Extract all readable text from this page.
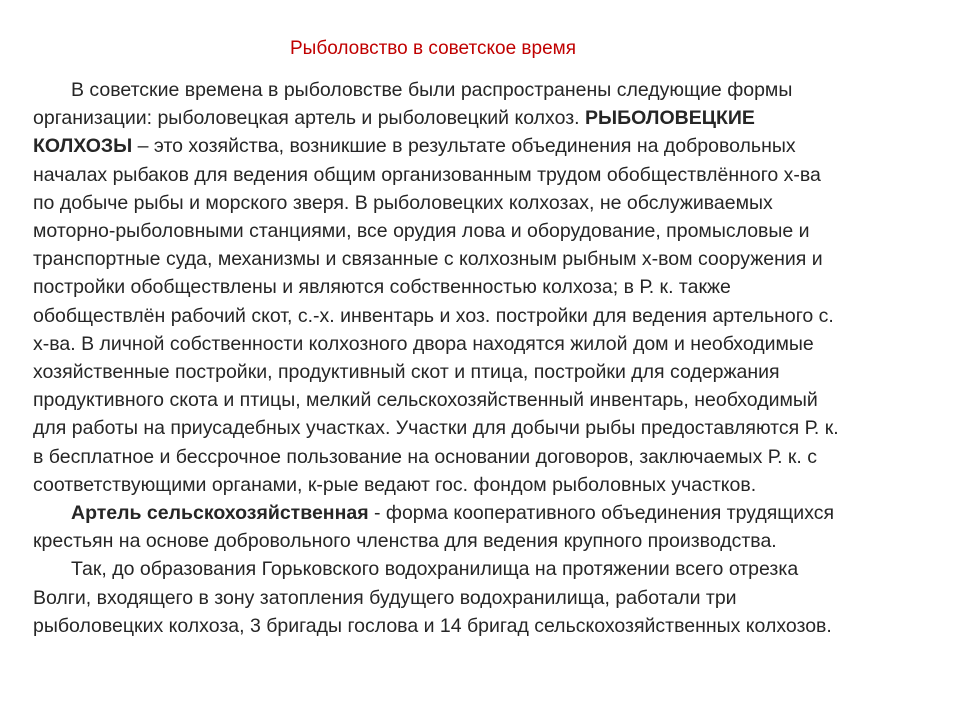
Рыболовство в советское время

В советские времена в рыболовстве были распространены следующие формы
организации: рыболовецкая артель и рыболовецкий колхоз. РЫБОЛОВЕЦКИЕ
КОЛХОЗЫ – это хозяйства, возникшие в результате объединения на добровольных
началах рыбаков для ведения общим организованным трудом обобществлённого х-ва
по добыче рыбы и морского зверя. В рыболовецких колхозах, не обслуживаемых
моторно-рыболовными станциями, все орудия лова и оборудование, промысловые и
транспортные суда, механизмы и связанные с колхозным рыбным х-вом сооружения и
постройки обобществлены и являются собственностью колхоза; в Р. к. также
обобществлён рабочий скот, с.-х. инвентарь и хоз. постройки для ведения артельного с.
х-ва. В личной собственности колхозного двора находятся жилой дом и необходимые
хозяйственные постройки, продуктивный скот и птица, постройки для содержания
продуктивного скота и птицы, мелкий сельскохозяйственный инвентарь, необходимый
для работы на приусадебных участках. Участки для добычи рыбы предоставляются Р. к.
в бесплатное и бессрочное пользование на основании договоров, заключаемых Р. к. с
соответствующими органами, к-рые ведают гос. фондом рыболовных участков.

Артель сельскохозяйственная - форма кооперативного объединения трудящихся
крестьян на основе добровольного членства для ведения крупного производства.

Так, до образования Горьковского водохранилища на протяжении всего отрезка
Волги, входящего в зону затопления будущего водохранилища, работали три
рыболовецких колхоза, 3 бригады гослова и 14 бригад сельскохозяйственных колхозов.
